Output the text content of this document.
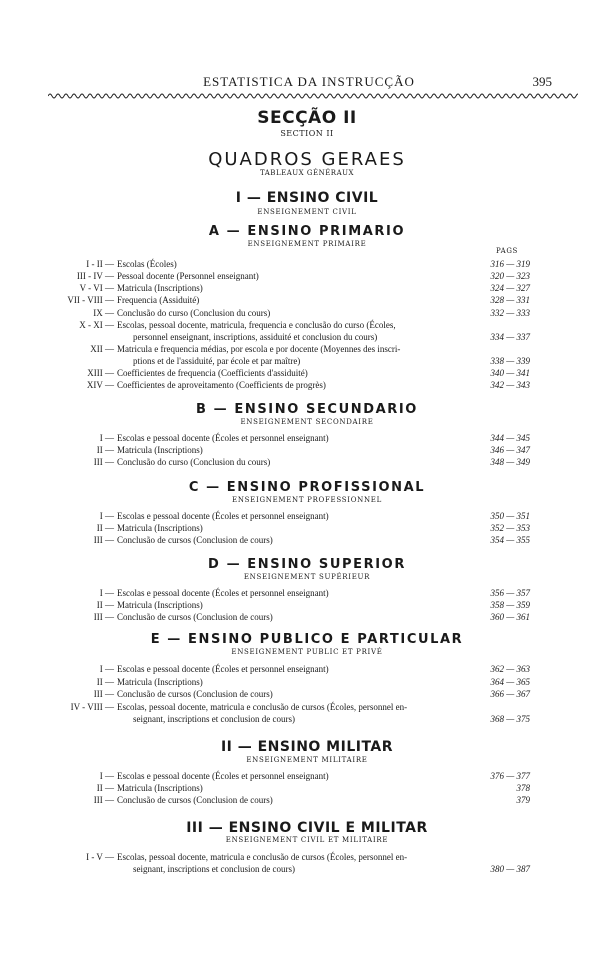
ESTATISTICA DA INSTRUCÇÃO	395
SECÇÃO II
SECTION II
QUADROS GERAES
TABLEAUX GÉNÉRAUX
I — ENSINO CIVIL
ENSEIGNEMENT CIVIL
A — ENSINO PRIMARIO
ENSEIGNEMENT PRIMAIRE
PAGS
I - II — Escolas (Écoles)	316 — 319
III - IV — Pessoal docente (Personnel enseignant)	320 — 323
V - VI — Matricula (Inscriptions)	324 — 327
VII - VIII — Frequencia (Assiduité)	328 — 331
IX — Conclusão do curso (Conclusion du cours)	332 — 333
X - XI — Escolas, pessoal docente, matricula, frequencia e conclusão do curso (Écoles,
personnel enseignant, inscriptions, assiduité et conclusion du cours)	334 — 337
XII — Matricula e frequencia médias, por escola e por docente (Moyennes des inscri-
ptions et de l'assiduité, par école et par maître)	338 — 339
XIII — Coefficientes de frequencia (Coefficients d'assiduité)	340 — 341
XIV — Coefficientes de aproveitamento (Coefficients de progrès)	342 — 343
B — ENSINO SECUNDARIO
ENSEIGNEMENT SECONDAIRE
I — Escolas e pessoal docente (Écoles et personnel enseignant)	344 — 345
II — Matricula (Inscriptions)	346 — 347
III — Conclusão do curso (Conclusion du cours)	348 — 349
C — ENSINO PROFISSIONAL
ENSEIGNEMENT PROFESSIONNEL
I — Escolas e pessoal docente (Écoles et personnel enseignant)	350 — 351
II — Matricula (Inscriptions)	352 — 353
III — Conclusão de cursos (Conclusion de cours)	354 — 355
D — ENSINO SUPERIOR
ENSEIGNEMENT SUPÉRIEUR
I — Escolas e pessoal docente (Écoles et personnel enseignant)	356 — 357
II — Matricula (Inscriptions)	358 — 359
III — Conclusão de cursos (Conclusion de cours)	360 — 361
E — ENSINO PUBLICO E PARTICULAR
ENSEIGNEMENT PUBLIC ET PRIVÉ
I — Escolas e pessoal docente (Écoles et personnel enseignant)	362 — 363
II — Matricula (Inscriptions)	364 — 365
III — Conclusão de cursos (Conclusion de cours)	366 — 367
IV - VIII — Escolas, pessoal docente, matricula e conclusão de cursos (Écoles, personnel en-
seignant, inscriptions et conclusion de cours)	368 — 375
II — ENSINO MILITAR
ENSEIGNEMENT MILITAIRE
I — Escolas e pessoal docente (Écoles et personnel enseignant)	376 — 377
II — Matricula (Inscriptions)	378
III — Conclusão de cursos (Conclusion de cours)	379
III — ENSINO CIVIL E MILITAR
ENSEIGNEMENT CIVIL ET MILITAIRE
I - V — Escolas, pessoal docente, matricula e conclusão de cursos (Écoles, personnel en-
seignant, inscriptions et conclusion de cours)	380 — 387
